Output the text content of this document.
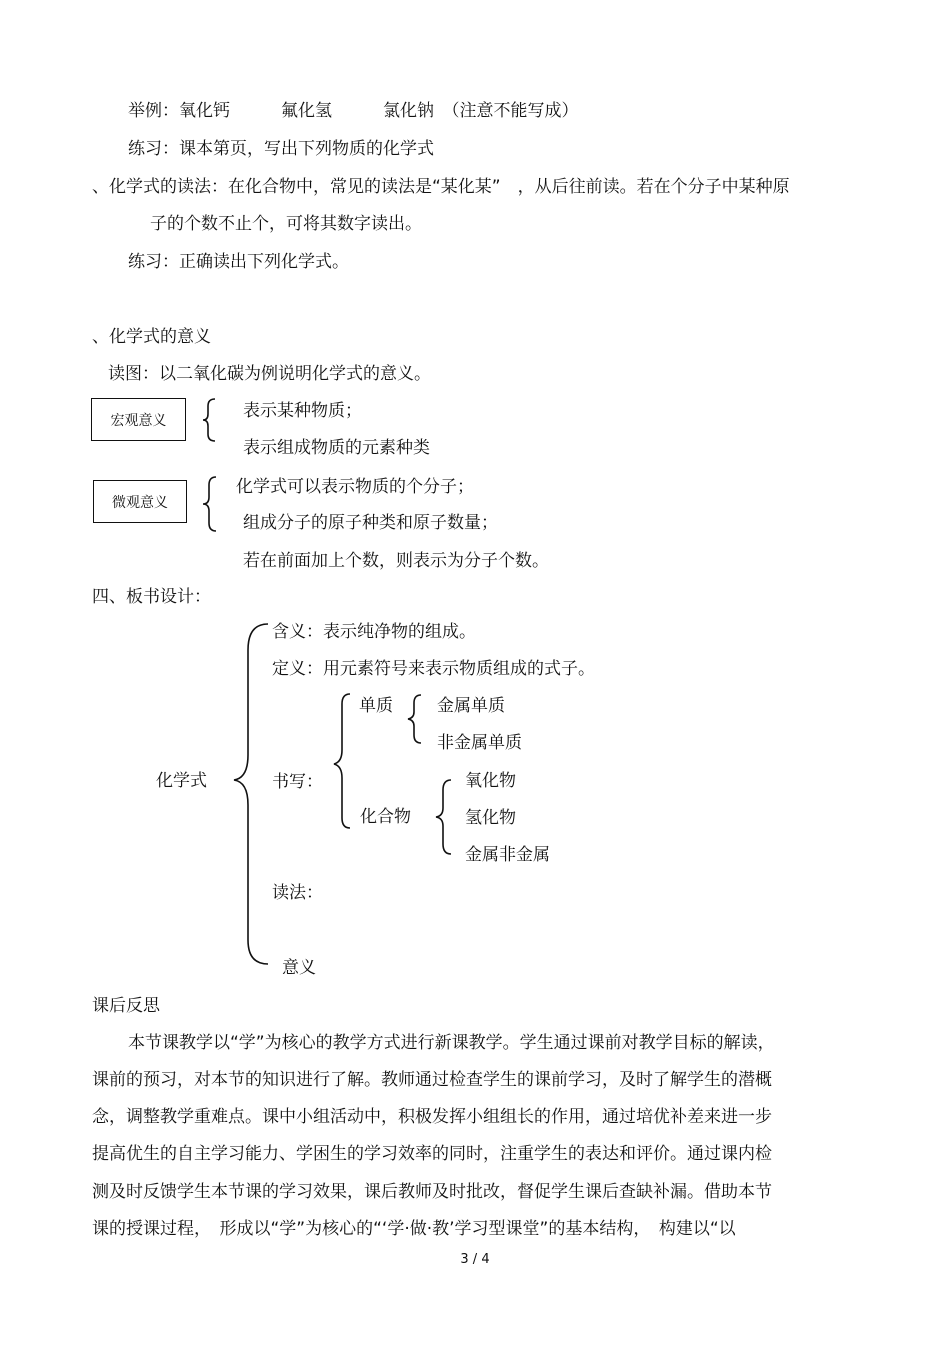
举例：氧化钙　　　氟化氢　　　氯化钠　（注意不能写成）
练习：课本第页，写出下列物质的化学式
、化学式的读法：在化合物中，常见的读法是“某化某”　，从后往前读。若在个分子中某种原
子的个数不止个，可将其数字读出。
练习：正确读出下列化学式。
、化学式的意义
读图：以二氧化碳为例说明化学式的意义。
宏观意义	表示某种物质；
表示组成物质的元素种类
微观意义
化学式可以表示物质的个分子；
组成分子的原子种类和原子数量；
若在前面加上个数，则表示为分子个数。
四、板书设计：
化学式
含义：表示纯净物的组成。
定义：用元素符号来表示物质组成的式子。
书写：
单质	金属单质
非金属单质
化合物
氧化物
氢化物
金属非金属
读法：
意义
课后反思
本节课教学以“学”为核心的教学方式进行新课教学。学生通过课前对教学目标的解读，
课前的预习，对本节的知识进行了解。教师通过检查学生的课前学习，及时了解学生的潜概
念，调整教学重难点。课中小组活动中，积极发挥小组组长的作用，通过培优补差来进一步
提高优生的自主学习能力、学困生的学习效率的同时，注重学生的表达和评价。通过课内检
测及时反馈学生本节课的学习效果，课后教师及时批改，督促学生课后查缺补漏。借助本节
课的授课过程，　形成以“学”为核心的“‘学·做·教’学习型课堂”的基本结构，　构建以“以
3 / 4
